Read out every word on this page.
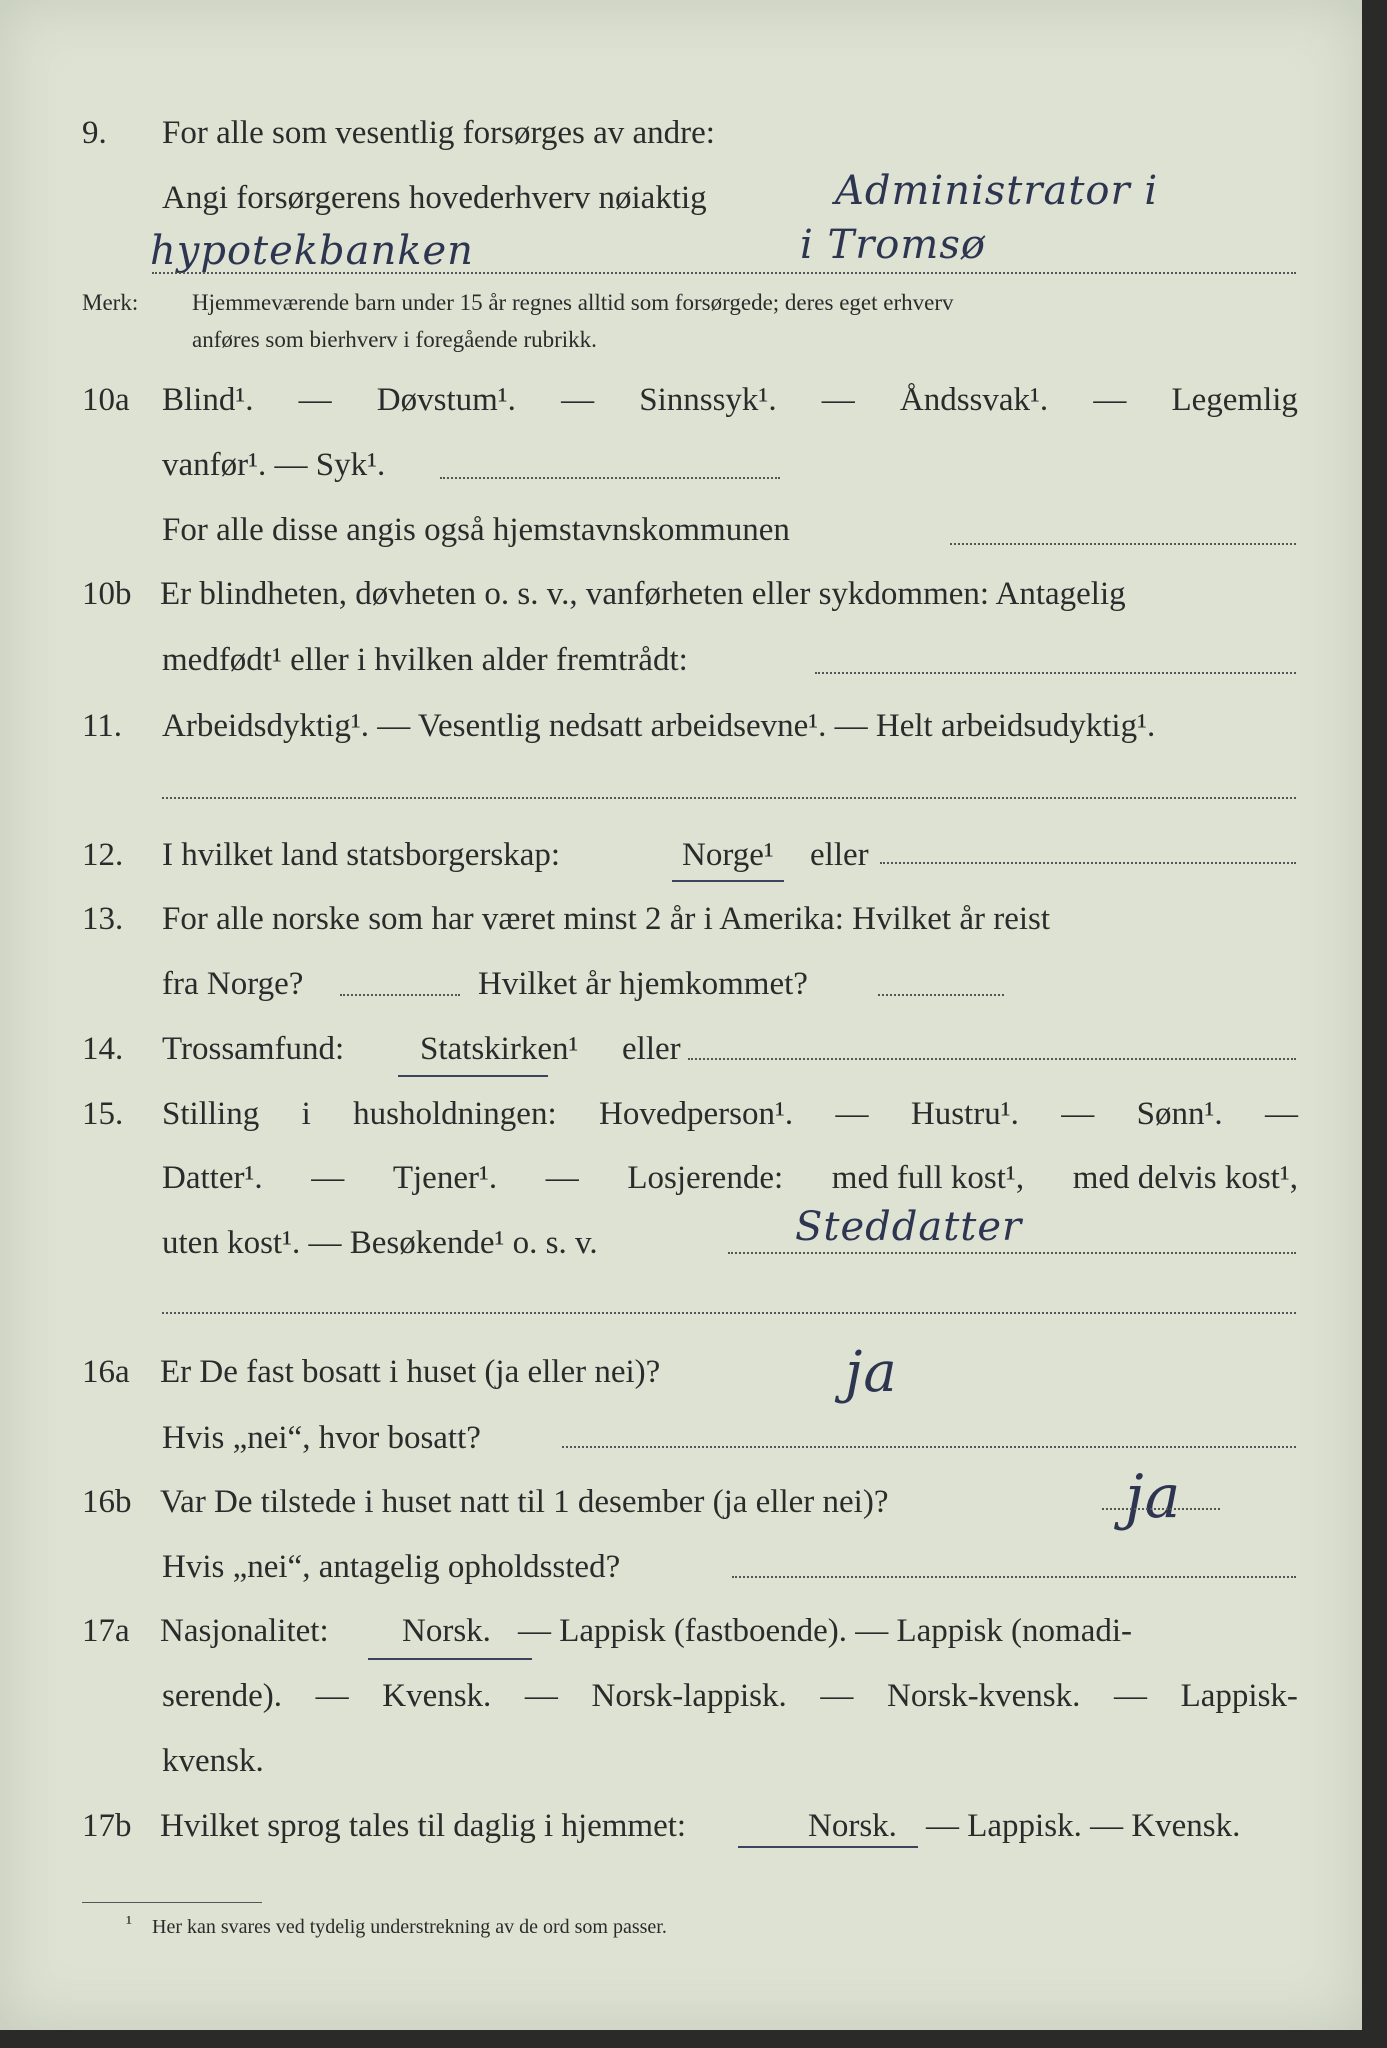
9. For alle som vesentlig forsørges av andre:
Angi forsørgerens hovederhverv nøiaktig	Administrator i
hypotekbanken	i Tromsø
Merk: Hjemmeværende barn under 15 år regnes alltid som forsørgede; deres eget erhverv
anføres som bierhverv i foregående rubrikk.
10a Blind¹. — Døvstum¹. — Sinnssyk¹. — Åndssvak¹. — Legemlig
vanfør¹. — Syk¹.
For alle disse angis også hjemstavnskommunen
10b Er blindheten, døvheten o. s. v., vanførheten eller sykdommen: Antagelig
medfødt¹ eller i hvilken alder fremtrådt:
11. Arbeidsdyktig¹. — Vesentlig nedsatt arbeidsevne¹. — Helt arbeidsudyktig¹.
12. I hvilket land statsborgerskap:	Norge¹ eller
13. For alle norske som har været minst 2 år i Amerika: Hvilket år reist
fra Norge?	Hvilket år hjemkommet?
14. Trossamfund: Statskirken¹ eller
15. Stilling i husholdningen: Hovedperson¹. — Hustru¹. — Sønn¹. —
Datter¹. — Tjener¹. — Losjerende: med full kost¹, med delvis kost¹,
uten kost¹. — Besøkende¹ o. s. v.	Steddatter
16a Er De fast bosatt i huset (ja eller nei)?	ja
Hvis „nei“, hvor bosatt?
16b Var De tilstede i huset natt til 1 desember (ja eller nei)?	ja
Hvis „nei“, antagelig opholdssted?
17a Nasjonalitet: Norsk. — Lappisk (fastboende). — Lappisk (nomadi-
serende). — Kvensk. — Norsk-lappisk. — Norsk-kvensk. — Lappisk-
kvensk.
17b Hvilket sprog tales til daglig i hjemmet:	Norsk. — Lappisk. — Kvensk.
¹ Her kan svares ved tydelig understrekning av de ord som passer.
